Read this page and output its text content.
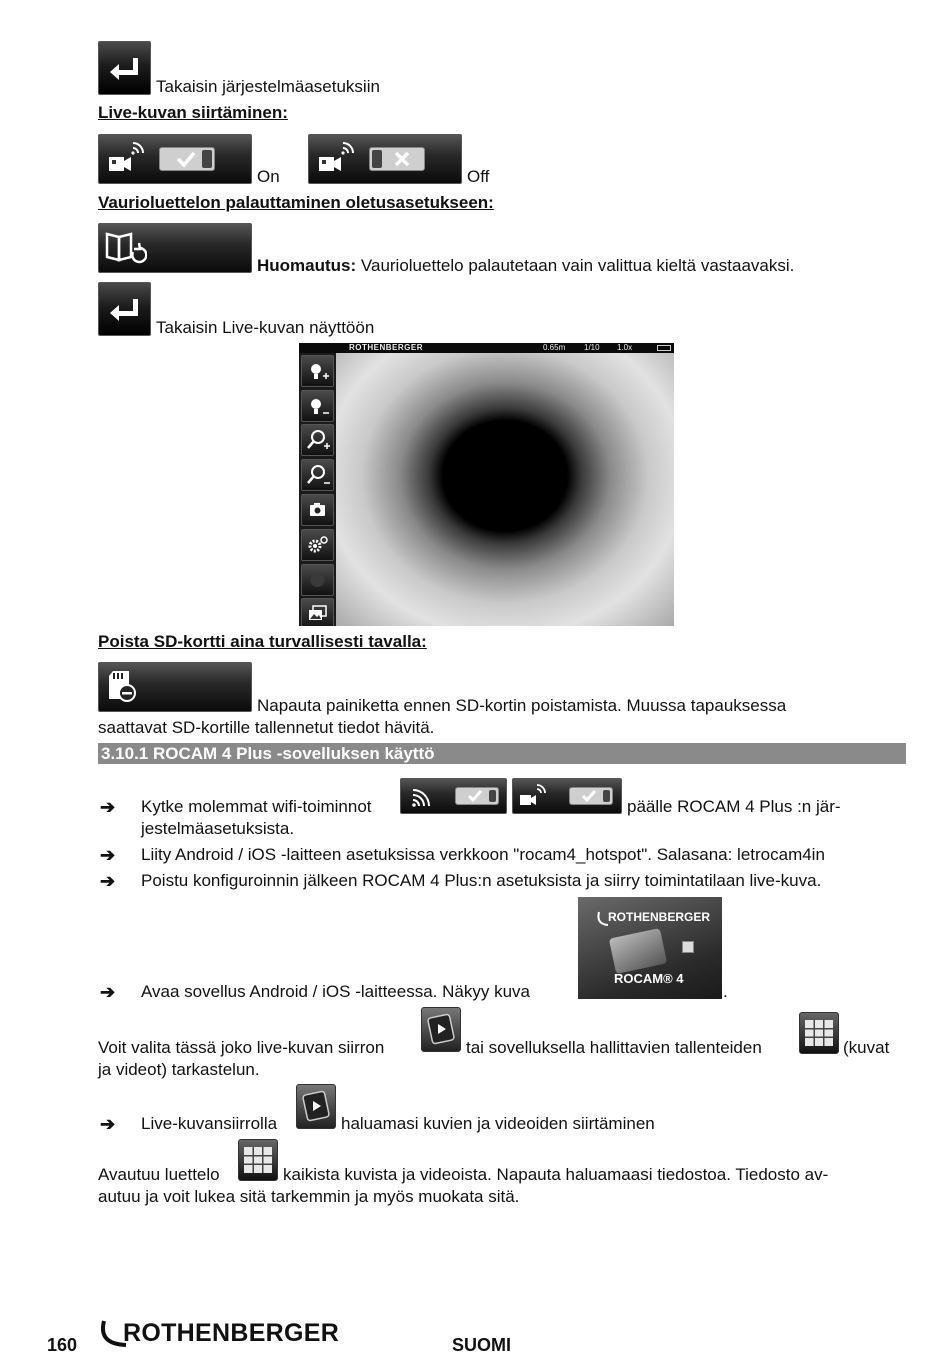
Takaisin järjestelmäasetuksiin
Live-kuvan siirtäminen:
On	Off
Vaurioluettelon palauttaminen oletusasetukseen:
Huomautus: Vaurioluettelo palautetaan vain valittua kieltä vastaavaksi.
Takaisin Live-kuvan näyttöön
ROTHENBERGER	0.65m 1/10 1.0x
Poista SD-kortti aina turvallisesti tavalla:
Napauta painiketta ennen SD-kortin poistamista. Muussa tapauksessa
saattavat SD-kortille tallennetut tiedot hävitä.
3.10.1 ROCAM 4 Plus -sovelluksen käyttö
➔ Kytke molemmat wifi-toiminnot	päälle ROCAM 4 Plus :n jär-
jestelmäasetuksista.
➔ Liity Android / iOS -laitteen asetuksissa verkkoon "rocam4_hotspot". Salasana: letrocam4in
➔ Poistu konfiguroinnin jälkeen ROCAM 4 Plus:n asetuksista ja siirry toimintatilaan live-kuva.
ROTHENBERGER
ROCAM® 4
➔ Avaa sovellus Android / iOS -laitteessa. Näkyy kuva	.
Voit valita tässä joko live-kuvan siirron	tai sovelluksella hallittavien tallenteiden	(kuvat
ja videot) tarkastelun.
➔ Live-kuvansiirrolla	haluamasi kuvien ja videoiden siirtäminen
Avautuu luettelo	kaikista kuvista ja videoista. Napauta haluamaasi tiedostoa. Tiedosto av-
autuu ja voit lukea sitä tarkemmin ja myös muokata sitä.
160 ROTHENBERGER	SUOMI
